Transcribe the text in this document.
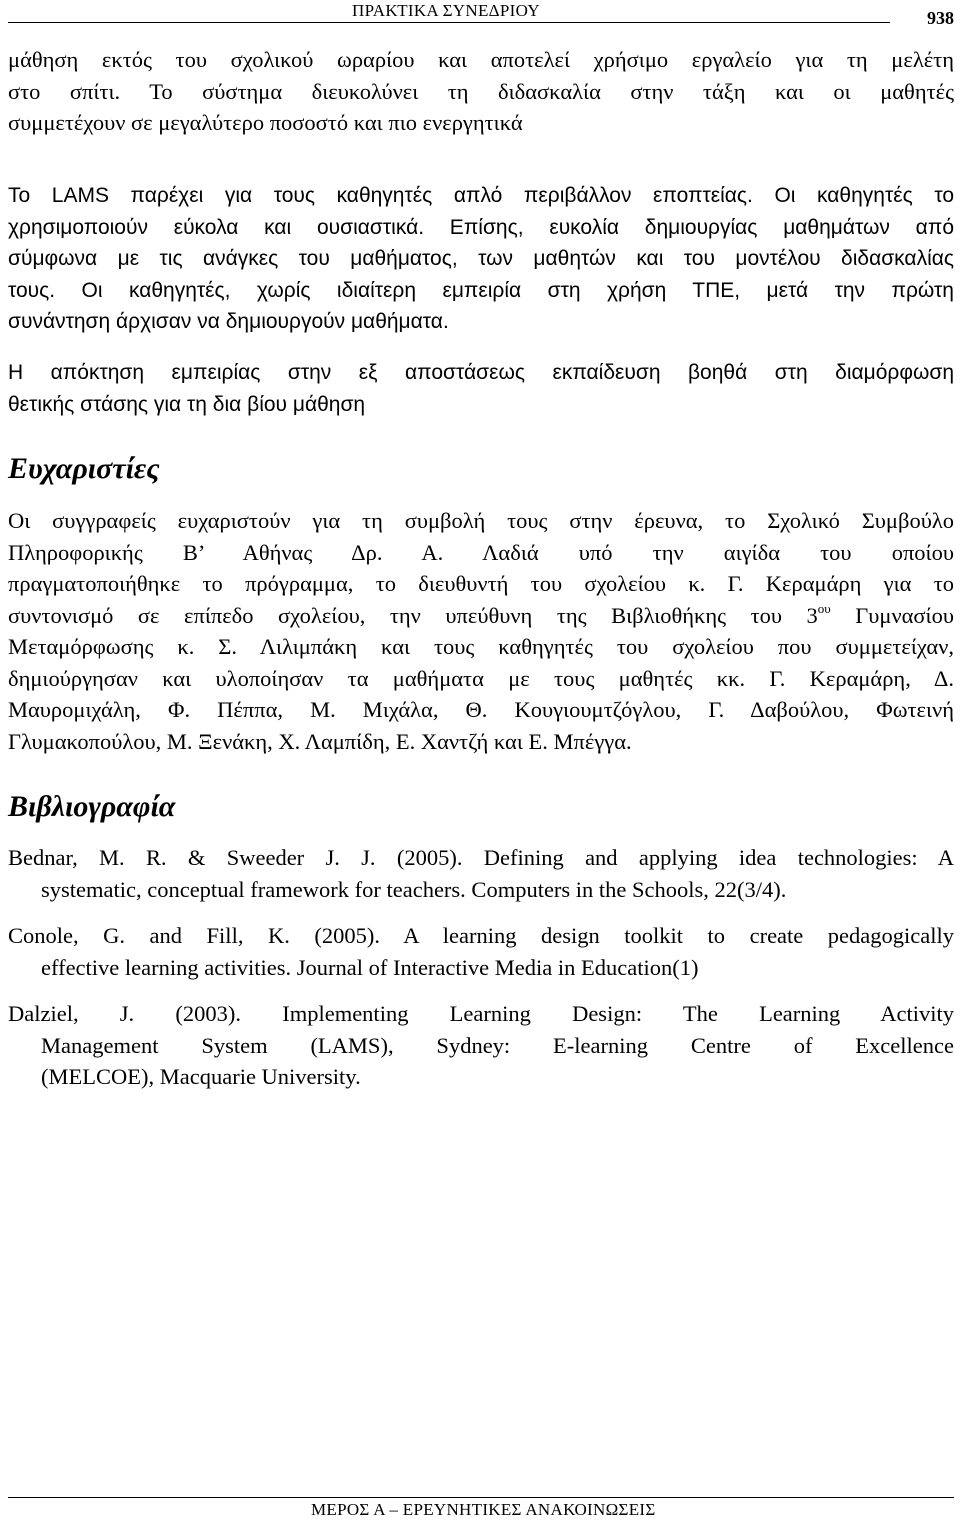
ΠΡΑΚΤΙΚΑ ΣΥΝΕΔΡΙΟΥ	938
μάθηση εκτός του σχολικού ωραρίου και αποτελεί χρήσιμο εργαλείο για τη μελέτη
στο σπίτι. Το σύστημα διευκολύνει τη διδασκαλία στην τάξη και οι μαθητές
συμμετέχουν σε μεγαλύτερο ποσοστό και πιο ενεργητικά
Το LAMS παρέχει για τους καθηγητές απλό περιβάλλον εποπτείας. Οι καθηγητές το
χρησιμοποιούν εύκολα και ουσιαστικά. Επίσης, ευκολία δημιουργίας μαθημάτων από
σύμφωνα με τις ανάγκες του μαθήματος, των μαθητών και του μοντέλου διδασκαλίας
τους. Οι καθηγητές, χωρίς ιδιαίτερη εμπειρία στη χρήση ΤΠΕ, μετά την πρώτη
συνάντηση άρχισαν να δημιουργούν μαθήματα.
Η απόκτηση εμπειρίας στην εξ αποστάσεως εκπαίδευση βοηθά στη διαμόρφωση
θετικής στάσης για τη δια βίου μάθηση
Ευχαριστίες
Οι συγγραφείς ευχαριστούν για τη συμβολή τους στην έρευνα, το Σχολικό Συμβούλο
Πληροφορικής Β’ Αθήνας Δρ. Α. Λαδιά υπό την αιγίδα του οποίου
πραγματοποιήθηκε το πρόγραμμα, το διευθυντή του σχολείου κ. Γ. Κεραμάρη για το
συντονισμό σε επίπεδο σχολείου, την υπεύθυνη της Βιβλιοθήκης του $3^{o\upsilon}$ Γυμνασίου
Μεταμόρφωσης κ. Σ. Λιλιμπάκη και τους καθηγητές του σχολείου που συμμετείχαν,
δημιούργησαν και υλοποίησαν τα μαθήματα με τους μαθητές κκ. Γ. Κεραμάρη, Δ.
Μαυρομιχάλη, Φ. Πέππα, Μ. Μιχάλα, Θ. Κουγιουμτζόγλου, Γ. Δαβούλου, Φωτεινή
Γλυμακοπούλου, Μ. Ξενάκη, Χ. Λαμπίδη, Ε. Χαντζή και Ε. Μπέγγα.
Βιβλιογραφία
Bednar, M. R. & Sweeder J. J. (2005). Defining and applying idea technologies: A
systematic, conceptual framework for teachers. Computers in the Schools, 22(3/4).
Conole, G. and Fill, K. (2005). A learning design toolkit to create pedagogically
effective learning activities. Journal of Interactive Media in Education(1)
Dalziel, J. (2003). Implementing Learning Design: The Learning Activity
Management System (LAMS), Sydney: E-learning Centre of Excellence
(MELCOE), Macquarie University.
ΜΕΡΟΣ Α – ΕΡΕΥΝΗΤΙΚΕΣ ΑΝΑΚΟΙΝΩΣΕΙΣ
